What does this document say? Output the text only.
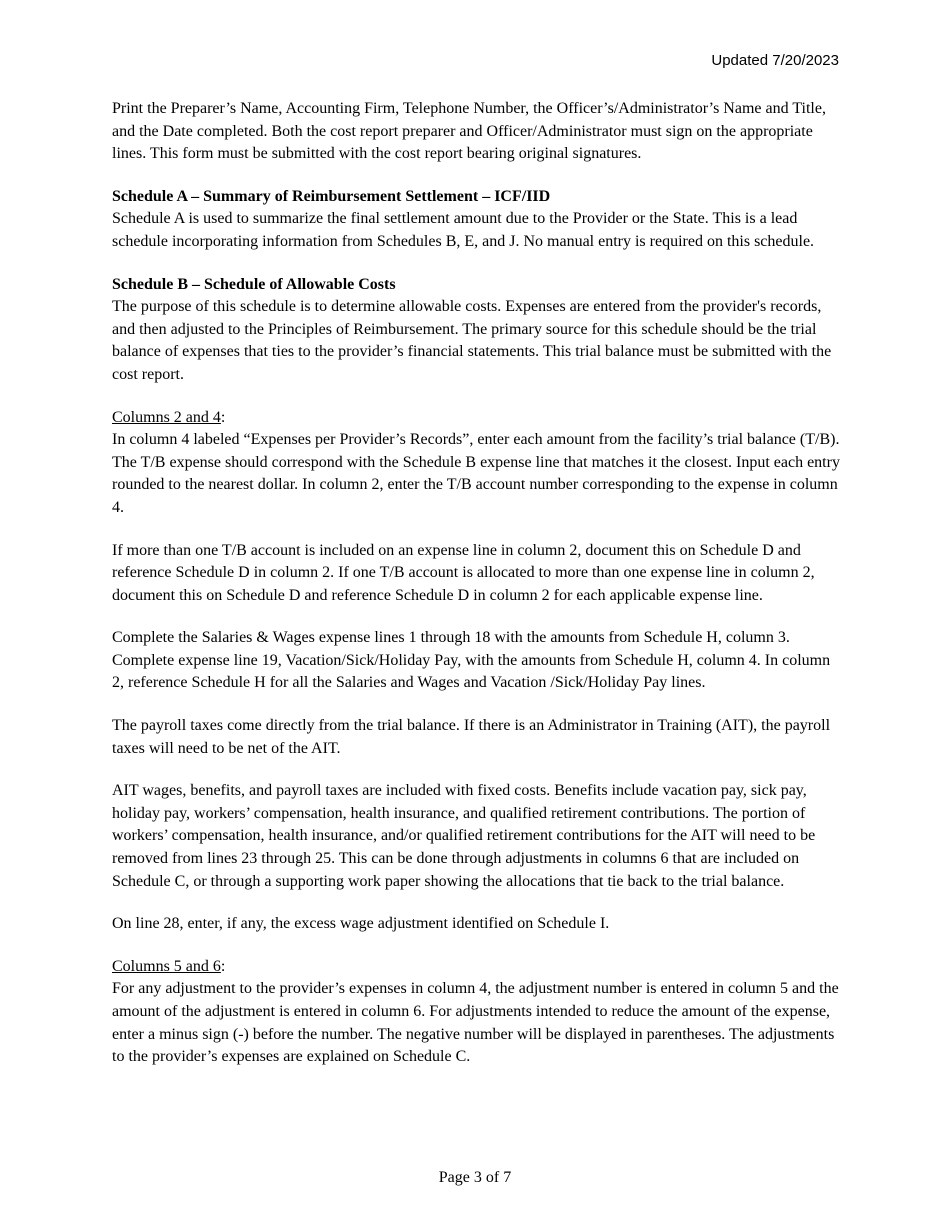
Updated 7/20/2023

Print the Preparer’s Name, Accounting Firm, Telephone Number, the Officer’s/Administrator’s Name and Title, and the Date completed. Both the cost report preparer and Officer/Administrator must sign on the appropriate lines. This form must be submitted with the cost report bearing original signatures.

Schedule A – Summary of Reimbursement Settlement – ICF/IID

Schedule A is used to summarize the final settlement amount due to the Provider or the State. This is a lead schedule incorporating information from Schedules B, E, and J. No manual entry is required on this schedule.

Schedule B – Schedule of Allowable Costs

The purpose of this schedule is to determine allowable costs. Expenses are entered from the provider's records, and then adjusted to the Principles of Reimbursement. The primary source for this schedule should be the trial balance of expenses that ties to the provider’s financial statements. This trial balance must be submitted with the cost report.

Columns 2 and 4:

In column 4 labeled “Expenses per Provider’s Records”, enter each amount from the facility’s trial balance (T/B). The T/B expense should correspond with the Schedule B expense line that matches it the closest. Input each entry rounded to the nearest dollar. In column 2, enter the T/B account number corresponding to the expense in column 4.

If more than one T/B account is included on an expense line in column 2, document this on Schedule D and reference Schedule D in column 2. If one T/B account is allocated to more than one expense line in column 2, document this on Schedule D and reference Schedule D in column 2 for each applicable expense line.

Complete the Salaries & Wages expense lines 1 through 18 with the amounts from Schedule H, column 3. Complete expense line 19, Vacation/Sick/Holiday Pay, with the amounts from Schedule H, column 4. In column 2, reference Schedule H for all the Salaries and Wages and Vacation /Sick/Holiday Pay lines.

The payroll taxes come directly from the trial balance. If there is an Administrator in Training (AIT), the payroll taxes will need to be net of the AIT.

AIT wages, benefits, and payroll taxes are included with fixed costs. Benefits include vacation pay, sick pay, holiday pay, workers’ compensation, health insurance, and qualified retirement contributions. The portion of workers’ compensation, health insurance, and/or qualified retirement contributions for the AIT will need to be removed from lines 23 through 25. This can be done through adjustments in columns 6 that are included on Schedule C, or through a supporting work paper showing the allocations that tie back to the trial balance.

On line 28, enter, if any, the excess wage adjustment identified on Schedule I.

Columns 5 and 6:

For any adjustment to the provider’s expenses in column 4, the adjustment number is entered in column 5 and the amount of the adjustment is entered in column 6. For adjustments intended to reduce the amount of the expense, enter a minus sign (-) before the number. The negative number will be displayed in parentheses. The adjustments to the provider’s expenses are explained on Schedule C.

Page 3 of 7
